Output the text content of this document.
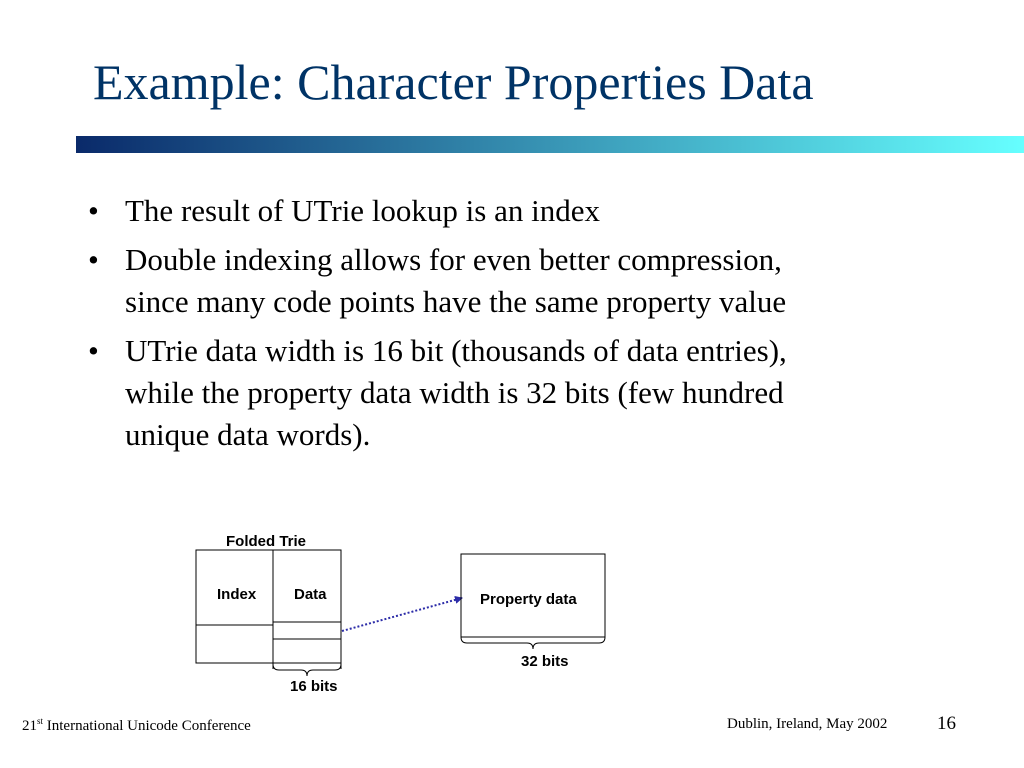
Example: Character Properties Data
• The result of UTrie lookup is an index
• Double indexing allows for even better compression,
since many code points have the same property value
• UTrie data width is 16 bit (thousands of data entries),
while the property data width is 32 bits (few hundred
unique data words).
Folded Trie
Index	Data
16 bits
Property data
32 bits
21st International Unicode Conference	Dublin, Ireland, May 2002	16
